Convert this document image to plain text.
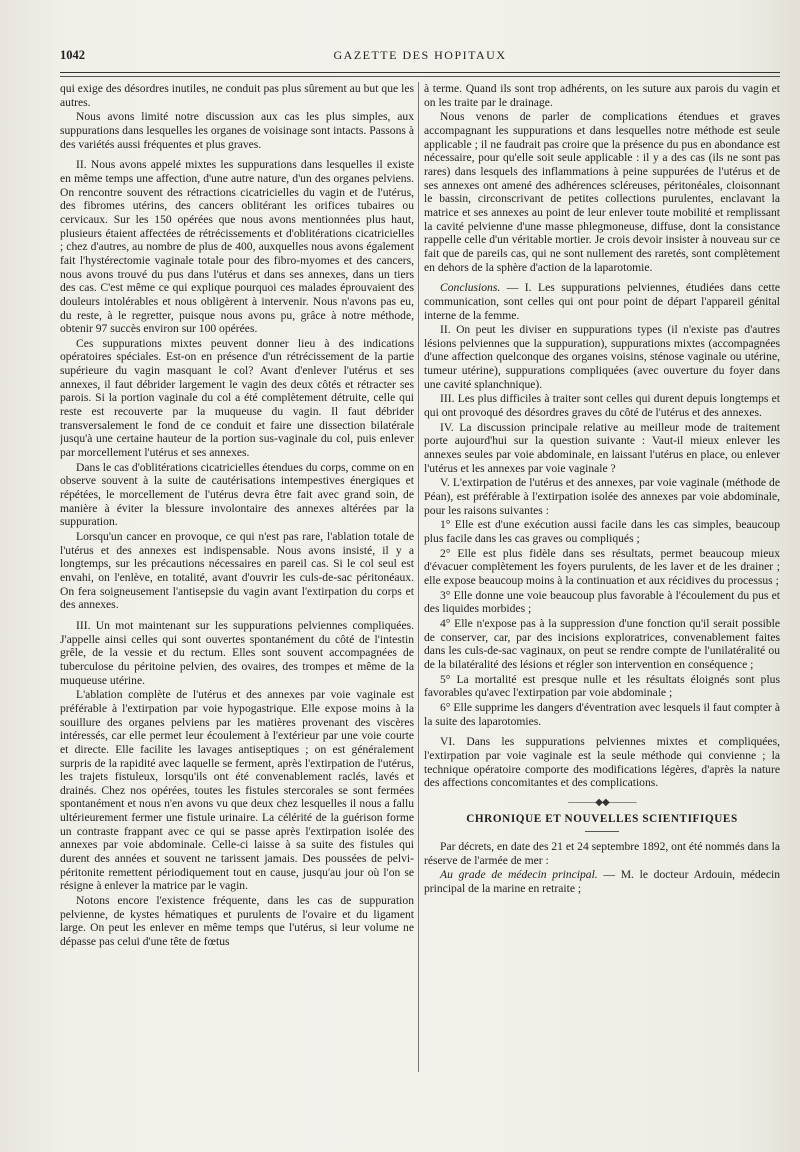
1042	GAZETTE DES HOPITAUX

qui exige des désordres inutiles, ne conduit pas plus sûrement au but que les autres.

Nous avons limité notre discussion aux cas les plus simples, aux suppurations dans lesquelles les organes de voisinage sont intacts. Passons à des variétés aussi fréquentes et plus graves.

II. Nous avons appelé mixtes les suppurations dans lesquelles il existe en même temps une affection, d'une autre nature, d'un des organes pelviens. On rencontre souvent des rétractions cicatricielles du vagin et de l'utérus, des fibromes utérins, des cancers oblitérant les orifices tubaires ou cervicaux. Sur les 150 opérées que nous avons mentionnées plus haut, plusieurs étaient affectées de rétrécissements et d'oblitérations cicatricielles ; chez d'autres, au nombre de plus de 400, auxquelles nous avons également fait l'hystérectomie vaginale totale pour des fibro-myomes et des cancers, nous avons trouvé du pus dans l'utérus et dans ses annexes, dans un tiers des cas. C'est même ce qui explique pourquoi ces malades éprouvaient des douleurs intolérables et nous obligèrent à intervenir. Nous n'avons pas eu, du reste, à le regretter, puisque nous avons pu, grâce à notre méthode, obtenir 97 succès environ sur 100 opérées.

Ces suppurations mixtes peuvent donner lieu à des indications opératoires spéciales. Est-on en présence d'un rétrécissement de la partie supérieure du vagin masquant le col? Avant d'enlever l'utérus et ses annexes, il faut débrider largement le vagin des deux côtés et rétracter ses parois. Si la portion vaginale du col a été complètement détruite, celle qui reste est recouverte par la muqueuse du vagin. Il faut débrider transversalement le fond de ce conduit et faire une dissection bilatérale jusqu'à une certaine hauteur de la portion sus-vaginale du col, puis enlever par morcellement l'utérus et ses annexes.

Dans le cas d'oblitérations cicatricielles étendues du corps, comme on en observe souvent à la suite de cautérisations intempestives énergiques et répétées, le morcellement de l'utérus devra être fait avec grand soin, de manière à éviter la blessure involontaire des annexes altérées par la suppuration.

Lorsqu'un cancer en provoque, ce qui n'est pas rare, l'ablation totale de l'utérus et des annexes est indispensable. Nous avons insisté, il y a longtemps, sur les précautions nécessaires en pareil cas. Si le col seul est envahi, on l'enlève, en totalité, avant d'ouvrir les culs-de-sac péritonéaux. On fera soigneusement l'antisepsie du vagin avant l'extirpation du corps et des annexes.

III. Un mot maintenant sur les suppurations pelviennes compliquées. J'appelle ainsi celles qui sont ouvertes spontanément du côté de l'intestin grêle, de la vessie et du rectum. Elles sont souvent accompagnées de tuberculose du péritoine pelvien, des ovaires, des trompes et même de la muqueuse utérine.

L'ablation complète de l'utérus et des annexes par voie vaginale est préférable à l'extirpation par voie hypogastrique. Elle expose moins à la souillure des organes pelviens par les matières provenant des viscères intéressés, car elle permet leur écoulement à l'extérieur par une voie courte et directe. Elle facilite les lavages antiseptiques ; on est généralement surpris de la rapidité avec laquelle se ferment, après l'extirpation de l'utérus, les trajets fistuleux, lorsqu'ils ont été convenablement raclés, lavés et drainés. Chez nos opérées, toutes les fistules stercorales se sont fermées spontanément et nous n'en avons vu que deux chez lesquelles il nous a fallu ultérieurement fermer une fistule urinaire. La célérité de la guérison forme un contraste frappant avec ce qui se passe après l'extirpation isolée des annexes par voie abdominale. Celle-ci laisse à sa suite des fistules qui durent des années et souvent ne tarissent jamais. Des poussées de pelvi-péritonite remettent périodiquement tout en cause, jusqu'au jour où l'on se résigne à enlever la matrice par le vagin.

Notons encore l'existence fréquente, dans les cas de suppuration pelvienne, de kystes hématiques et purulents de l'ovaire et du ligament large. On peut les enlever en même temps que l'utérus, si leur volume ne dépasse pas celui d'une tête de fœtus

à terme. Quand ils sont trop adhérents, on les suture aux parois du vagin et on les traite par le drainage.

Nous venons de parler de complications étendues et graves accompagnant les suppurations et dans lesquelles notre méthode est seule applicable ; il ne faudrait pas croire que la présence du pus en abondance est nécessaire, pour qu'elle soit seule applicable : il y a des cas (ils ne sont pas rares) dans lesquels des inflammations à peine suppurées de l'utérus et de ses annexes ont amené des adhérences scléreuses, péritonéales, cloisonnant le bassin, circonscrivant de petites collections purulentes, enclavant la matrice et ses annexes au point de leur enlever toute mobilité et remplissant la cavité pelvienne d'une masse phlegmoneuse, diffuse, dont la consistance rappelle celle d'un véritable mortier. Je crois devoir insister à nouveau sur ce fait que de pareils cas, qui ne sont nullement des raretés, sont complètement en dehors de la sphère d'action de la laparotomie.

Conclusions. — I. Les suppurations pelviennes, étudiées dans cette communication, sont celles qui ont pour point de départ l'appareil génital interne de la femme.

II. On peut les diviser en suppurations types (il n'existe pas d'autres lésions pelviennes que la suppuration), suppurations mixtes (accompagnées d'une affection quelconque des organes voisins, sténose vaginale ou utérine, tumeur utérine), suppurations compliquées (avec ouverture du foyer dans une cavité splanchnique).

III. Les plus difficiles à traiter sont celles qui durent depuis longtemps et qui ont provoqué des désordres graves du côté de l'utérus et des annexes.

IV. La discussion principale relative au meilleur mode de traitement porte aujourd'hui sur la question suivante : Vaut-il mieux enlever les annexes seules par voie abdominale, en laissant l'utérus en place, ou enlever l'utérus et les annexes par voie vaginale ?

V. L'extirpation de l'utérus et des annexes, par voie vaginale (méthode de Péan), est préférable à l'extirpation isolée des annexes par voie abdominale, pour les raisons suivantes :

1° Elle est d'une exécution aussi facile dans les cas simples, beaucoup plus facile dans les cas graves ou compliqués ;

2° Elle est plus fidèle dans ses résultats, permet beaucoup mieux d'évacuer complètement les foyers purulents, de les laver et de les drainer ; elle expose beaucoup moins à la continuation et aux récidives du processus ;

3° Elle donne une voie beaucoup plus favorable à l'écoulement du pus et des liquides morbides ;

4° Elle n'expose pas à la suppression d'une fonction qu'il serait possible de conserver, car, par des incisions exploratrices, convenablement faites dans les culs-de-sac vaginaux, on peut se rendre compte de l'unilatéralité ou de la bilatéralité des lésions et régler son intervention en conséquence ;

5° La mortalité est presque nulle et les résultats éloignés sont plus favorables qu'avec l'extirpation par voie abdominale ;

6° Elle supprime les dangers d'éventration avec lesquels il faut compter à la suite des laparotomies.

VI. Dans les suppurations pelviennes mixtes et compliquées, l'extirpation par voie vaginale est la seule méthode qui convienne ; la technique opératoire comporte des modifications légères, d'après la nature des affections concomitantes et des complications.

———◆◆———
CHRONIQUE ET NOUVELLES SCIENTIFIQUES

Par décrets, en date des 21 et 24 septembre 1892, ont été nommés dans la réserve de l'armée de mer :

Au grade de médecin principal. — M. le docteur Ardouin, médecin principal de la marine en retraite ;
